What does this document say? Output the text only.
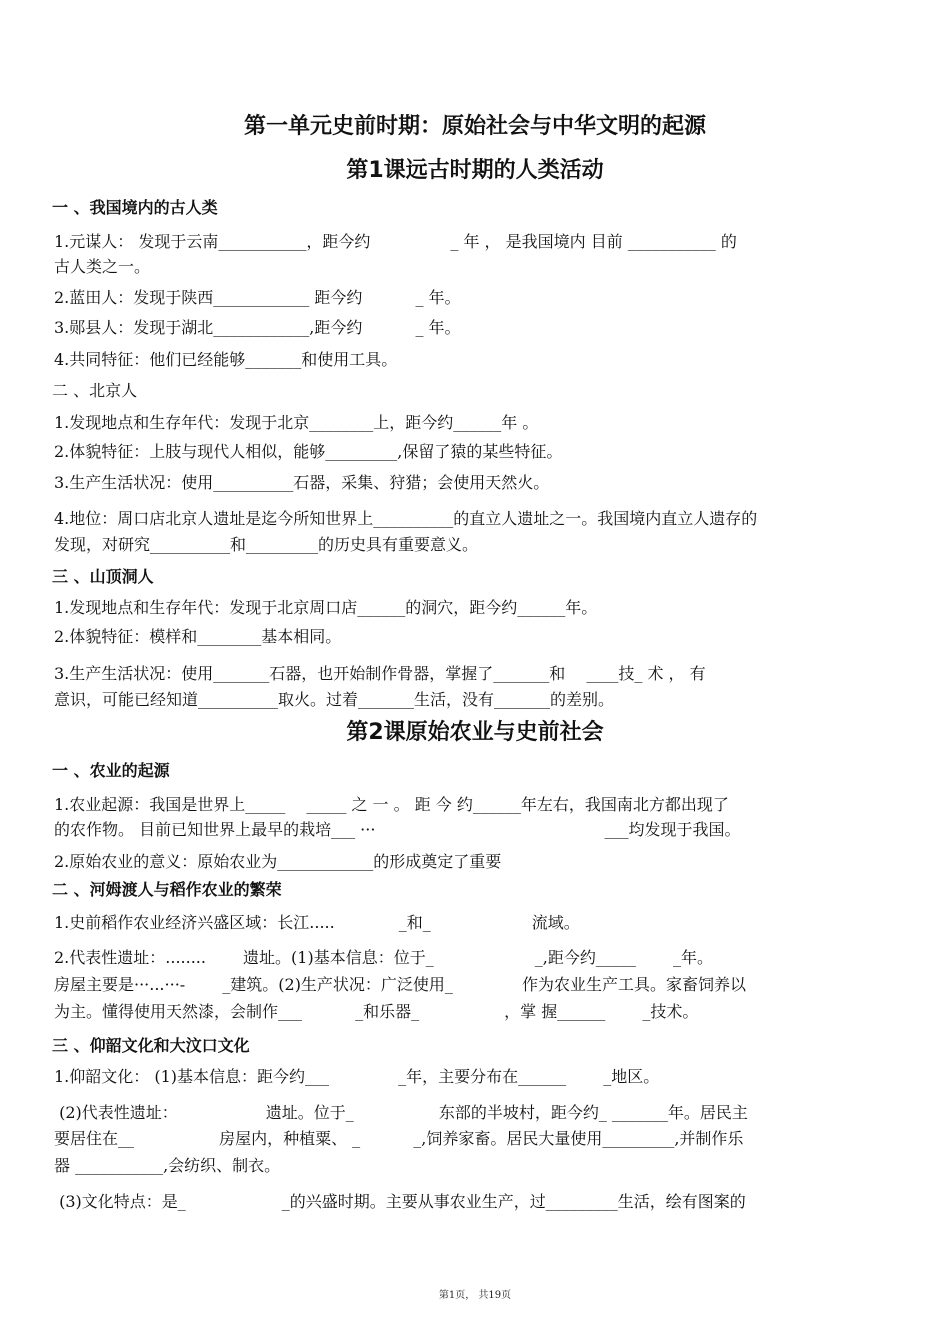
第一单元史前时期：原始社会与中华文明的起源
第1课远古时期的人类活动
一 、我国境内的古人类
1.元谋人： 发现于云南___________，距今约　　　　　_ 年 ， 是我国境内 目前 ___________ 的
古人类之一。
2.蓝田人：发现于陕西____________ 距今约　　　 _ 年。
3.郧县人：发现于湖北____________,距今约　　　 _ 年。
4.共同特征：他们已经能够_______和使用工具。
二 、北京人
1.发现地点和生存年代：发现于北京________上，距今约______年 。
2.体貌特征：上肢与现代人相似，能够_________,保留了猿的某些特征。
3.生产生活状况：使用__________石器，采集、狩猎；会使用天然火。
4.地位：周口店北京人遗址是迄今所知世界上__________的直立人遗址之一。我国境内直立人遗存的
发现，对研究__________和_________的历史具有重要意义。
三 、山顶洞人
1.发现地点和生存年代：发现于北京周口店______的洞穴，距今约______年。
2.体貌特征：模样和________基本相同。
3.生产生活状况：使用_______石器，也开始制作骨器，掌握了_______和　 ____技_ 术 ， 有
意识，可能已经知道__________取火。过着_______生活，没有_______的差别。
第2课原始农业与史前社会
一 、农业的起源
1.农业起源：我国是世界上_____ 　_____ 之 一 。 距 今 约______年左右，我国南北方都出现了
的农作物。 目前已知世界上最早的栽培___ ···　　　　　　　　　　　　　　 ___均发现于我国。
2.原始农业的意义：原始农业为____________的形成奠定了重要
二 、河姆渡人与稻作农业的繁荣
1.史前稻作农业经济兴盛区域：长江.....　　　　_和_　　　　　　 流域。
2.代表性遗址：........　　 遗址。(1)基本信息：位于_　　　　　　 _,距今约_____ 　　_年。
房屋主要是···...···-　　 _建筑。(2)生产状况：广泛使用_　　　　 作为农业生产工具。家畜饲养以
为主。懂得使用天然漆，会制作___ 　　　_和乐器_　　　　　 ，掌 握______ 　　_技术。
三 、仰韶文化和大汶口文化
1.仰韶文化： (1)基本信息：距今约___ 　　　　_年，主要分布在______ 　　_地区。
(2)代表性遗址：　　　　　　遗址。位于_　　　　　 东部的半坡村，距今约_ _______年。居民主
要居住在__ 　　　　　房屋内，种植粟、 _ 　　　_,饲养家畜。居民大量使用_________,并制作乐
器 ___________,会纺织、制衣。
(3)文化特点：是_　　　　　　_的兴盛时期。主要从事农业生产，过_________生活，绘有图案的
第1页， 共19页
